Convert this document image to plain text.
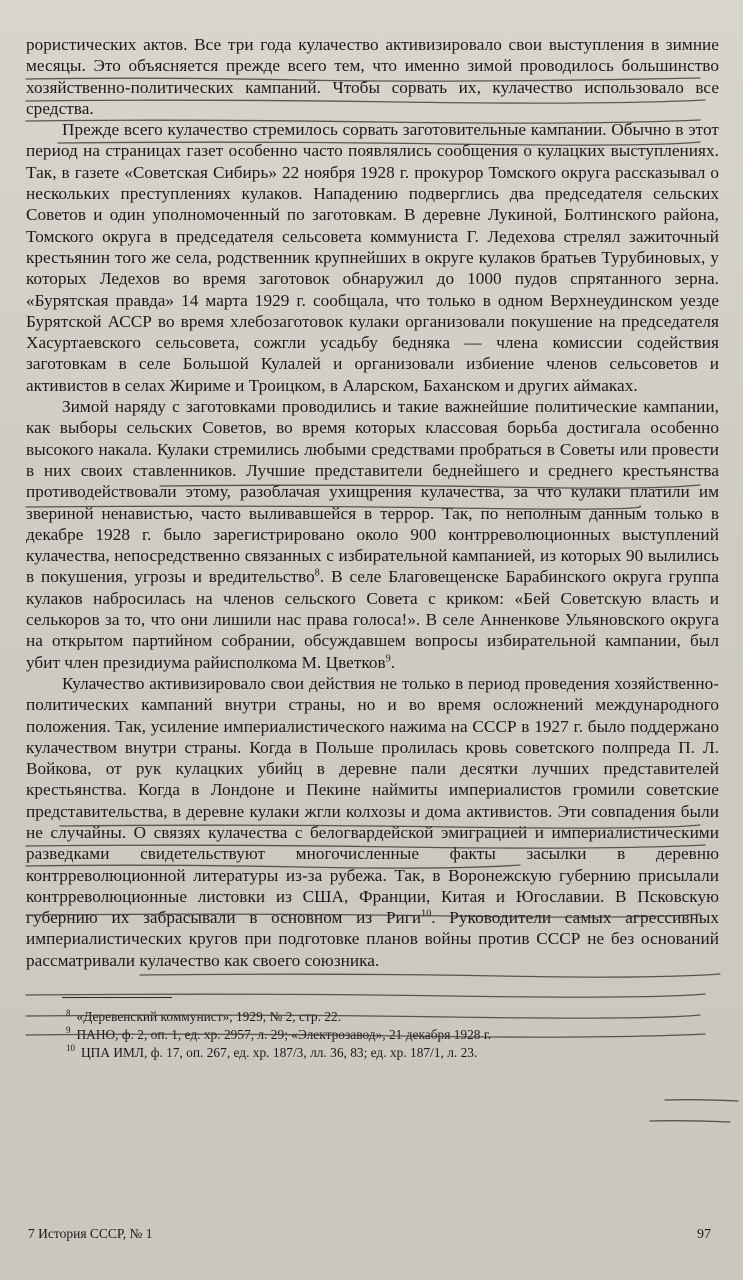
рористических актов. Все три года кулачество активизировало свои выступления в зимние месяцы. Это объясняется прежде всего тем, что именно зимой проводилось большинство хозяйственно-политических кампаний. Чтобы сорвать их, кулачество использовало все средства.

Прежде всего кулачество стремилось сорвать заготовительные кампании. Обычно в этот период на страницах газет особенно часто появлялись сообщения о кулацких выступлениях. Так, в газете «Советская Сибирь» 22 ноября 1928 г. прокурор Томского округа рассказывал о нескольких преступлениях кулаков. Нападению подверглись два председателя сельских Советов и один уполномоченный по заготовкам. В деревне Лукиной, Болтинского района, Томского округа в председателя сельсовета коммуниста Г. Ледехова стрелял зажиточный крестьянин того же села, родственник крупнейших в округе кулаков братьев Турубиновых, у которых Ледехов во время заготовок обнаружил до 1000 пудов спрятанного зерна. «Бурятская правда» 14 марта 1929 г. сообщала, что только в одном Верхнеудинском уезде Бурятской АССР во время хлебозаготовок кулаки организовали покушение на председателя Хасуртаевского сельсовета, сожгли усадьбу бедняка — члена комиссии содействия заготовкам в селе Большой Кулалей и организовали избиение членов сельсоветов и активистов в селах Жириме и Троицком, в Аларском, Баханском и других аймаках.

Зимой наряду с заготовками проводились и такие важнейшие политические кампании, как выборы сельских Советов, во время которых классовая борьба достигала особенно высокого накала. Кулаки стремились любыми средствами пробраться в Советы или провести в них своих ставленников. Лучшие представители беднейшего и среднего крестьянства противодействовали этому, разоблачая ухищрения кулачества, за что кулаки платили им звериной ненавистью, часто выливавшейся в террор. Так, по неполным данным только в декабре 1928 г. было зарегистрировано около 900 контрреволюционных выступлений кулачества, непосредственно связанных с избирательной кампанией, из которых 90 вылились в покушения, угрозы и вредительство$^8$. В селе Благовещенске Барабинского округа группа кулаков набросилась на членов сельского Совета с криком: «Бей Советскую власть и селькоров за то, что они лишили нас права голоса!». В селе Анненкове Ульяновского округа на открытом партийном собрании, обсуждавшем вопросы избирательной кампании, был убит член президиума райисполкома М. Цветков$^9$.

Кулачество активизировало свои действия не только в период проведения хозяйственно-политических кампаний внутри страны, но и во время осложнений международного положения. Так, усиление империалистического нажима на СССР в 1927 г. было поддержано кулачеством внутри страны. Когда в Польше пролилась кровь советского полпреда П. Л. Войкова, от рук кулацких убийц в деревне пали десятки лучших представителей крестьянства. Когда в Лондоне и Пекине наймиты империалистов громили советские представительства, в деревне кулаки жгли колхозы и дома активистов. Эти совпадения были не случайны. О связях кулачества с белогвардейской эмиграцией и империалистическими разведками свидетельствуют многочисленные факты засылки в деревню контрреволюционной литературы из-за рубежа. Так, в Воронежскую губернию присылали контрреволюционные листовки из США, Франции, Китая и Югославии. В Псковскую губернию их забрасывали в основном из Риги$^{10}$. Руководители самых агрессивных империалистических кругов при подготовке планов войны против СССР не без оснований рассматривали кулачество как своего союзника.

$^8$ «Деревенский коммунист», 1929, № 2, стр. 22.

$^9$ ПАНО, ф. 2, оп. 1, ед. хр. 2957, л. 29; «Электрозавод», 21 декабря 1928 г.

$^{10}$ ЦПА ИМЛ, ф. 17, оп. 267, ед. хр. 187/3, лл. 36, 83; ед. хр. 187/1, л. 23.

7 История СССР, № 1	97
